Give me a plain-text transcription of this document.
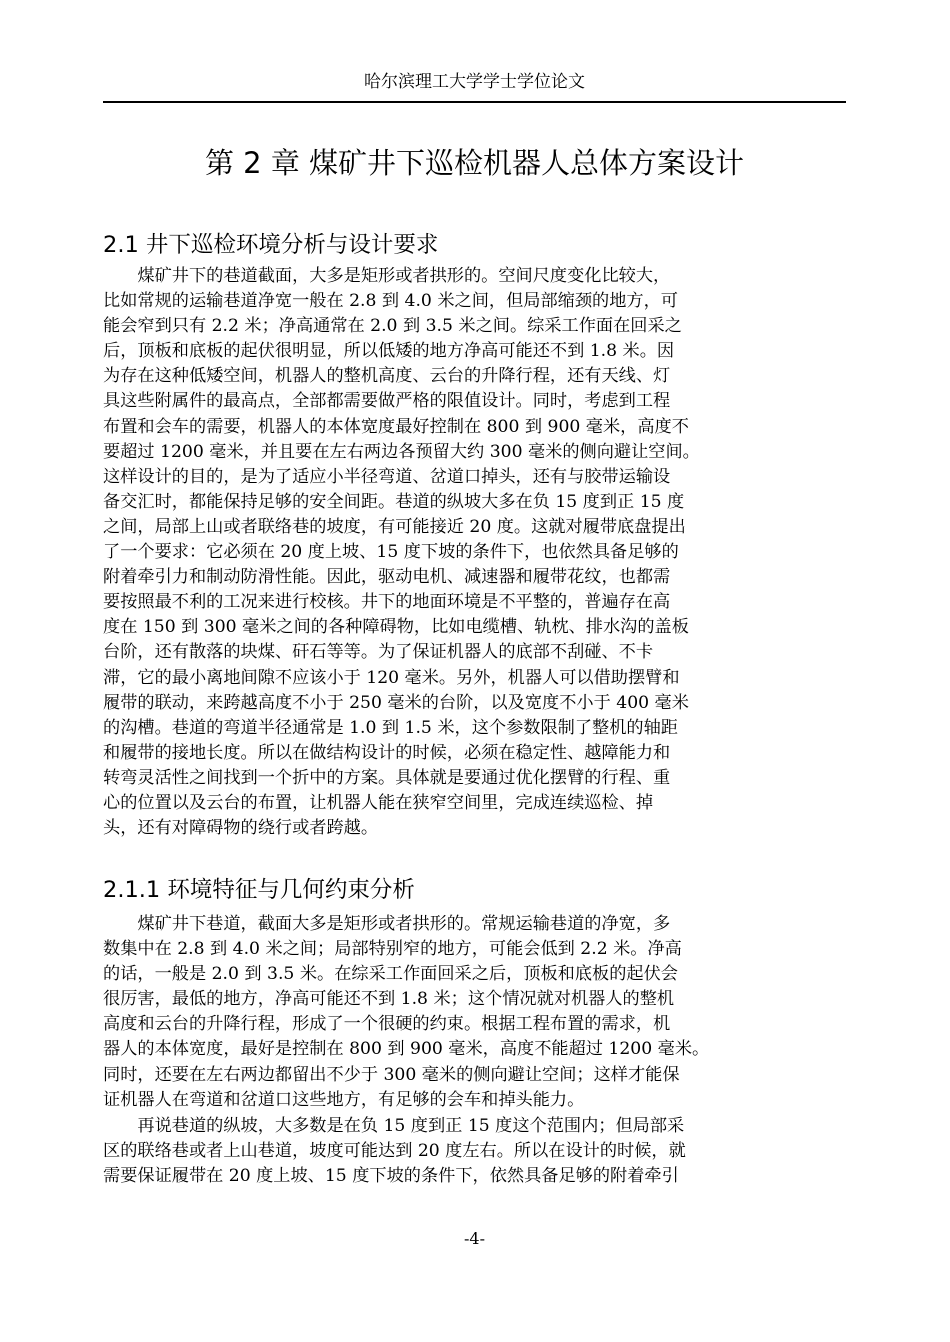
哈尔滨理工大学学士学位论文
第 2 章 煤矿井下巡检机器人总体方案设计
2.1 井下巡检环境分析与设计要求
　　煤矿井下的巷道截面，大多是矩形或者拱形的。空间尺度变化比较大，
比如常规的运输巷道净宽一般在 2.8 到 4.0 米之间，但局部缩颈的地方，可
能会窄到只有 2.2 米；净高通常在 2.0 到 3.5 米之间。综采工作面在回采之
后，顶板和底板的起伏很明显，所以低矮的地方净高可能还不到 1.8 米。因
为存在这种低矮空间，机器人的整机高度、云台的升降行程，还有天线、灯
具这些附属件的最高点，全部都需要做严格的限值设计。同时，考虑到工程
布置和会车的需要，机器人的本体宽度最好控制在 800 到 900 毫米，高度不
要超过 1200 毫米，并且要在左右两边各预留大约 300 毫米的侧向避让空间。
这样设计的目的，是为了适应小半径弯道、岔道口掉头，还有与胶带运输设
备交汇时，都能保持足够的安全间距。巷道的纵坡大多在负 15 度到正 15 度
之间，局部上山或者联络巷的坡度，有可能接近 20 度。这就对履带底盘提出
了一个要求：它必须在 20 度上坡、15 度下坡的条件下，也依然具备足够的
附着牵引力和制动防滑性能。因此，驱动电机、减速器和履带花纹，也都需
要按照最不利的工况来进行校核。井下的地面环境是不平整的，普遍存在高
度在 150 到 300 毫米之间的各种障碍物，比如电缆槽、轨枕、排水沟的盖板
台阶，还有散落的块煤、矸石等等。为了保证机器人的底部不刮碰、不卡
滞，它的最小离地间隙不应该小于 120 毫米。另外，机器人可以借助摆臂和
履带的联动，来跨越高度不小于 250 毫米的台阶，以及宽度不小于 400 毫米
的沟槽。巷道的弯道半径通常是 1.0 到 1.5 米，这个参数限制了整机的轴距
和履带的接地长度。所以在做结构设计的时候，必须在稳定性、越障能力和
转弯灵活性之间找到一个折中的方案。具体就是要通过优化摆臂的行程、重
心的位置以及云台的布置，让机器人能在狭窄空间里，完成连续巡检、掉
头，还有对障碍物的绕行或者跨越。
2.1.1 环境特征与几何约束分析
　　煤矿井下巷道，截面大多是矩形或者拱形的。常规运输巷道的净宽，多
数集中在 2.8 到 4.0 米之间；局部特别窄的地方，可能会低到 2.2 米。净高
的话，一般是 2.0 到 3.5 米。在综采工作面回采之后，顶板和底板的起伏会
很厉害，最低的地方，净高可能还不到 1.8 米；这个情况就对机器人的整机
高度和云台的升降行程，形成了一个很硬的约束。根据工程布置的需求，机
器人的本体宽度，最好是控制在 800 到 900 毫米，高度不能超过 1200 毫米。
同时，还要在左右两边都留出不少于 300 毫米的侧向避让空间；这样才能保
证机器人在弯道和岔道口这些地方，有足够的会车和掉头能力。
　　再说巷道的纵坡，大多数是在负 15 度到正 15 度这个范围内；但局部采
区的联络巷或者上山巷道，坡度可能达到 20 度左右。所以在设计的时候，就
需要保证履带在 20 度上坡、15 度下坡的条件下，依然具备足够的附着牵引
-4-
